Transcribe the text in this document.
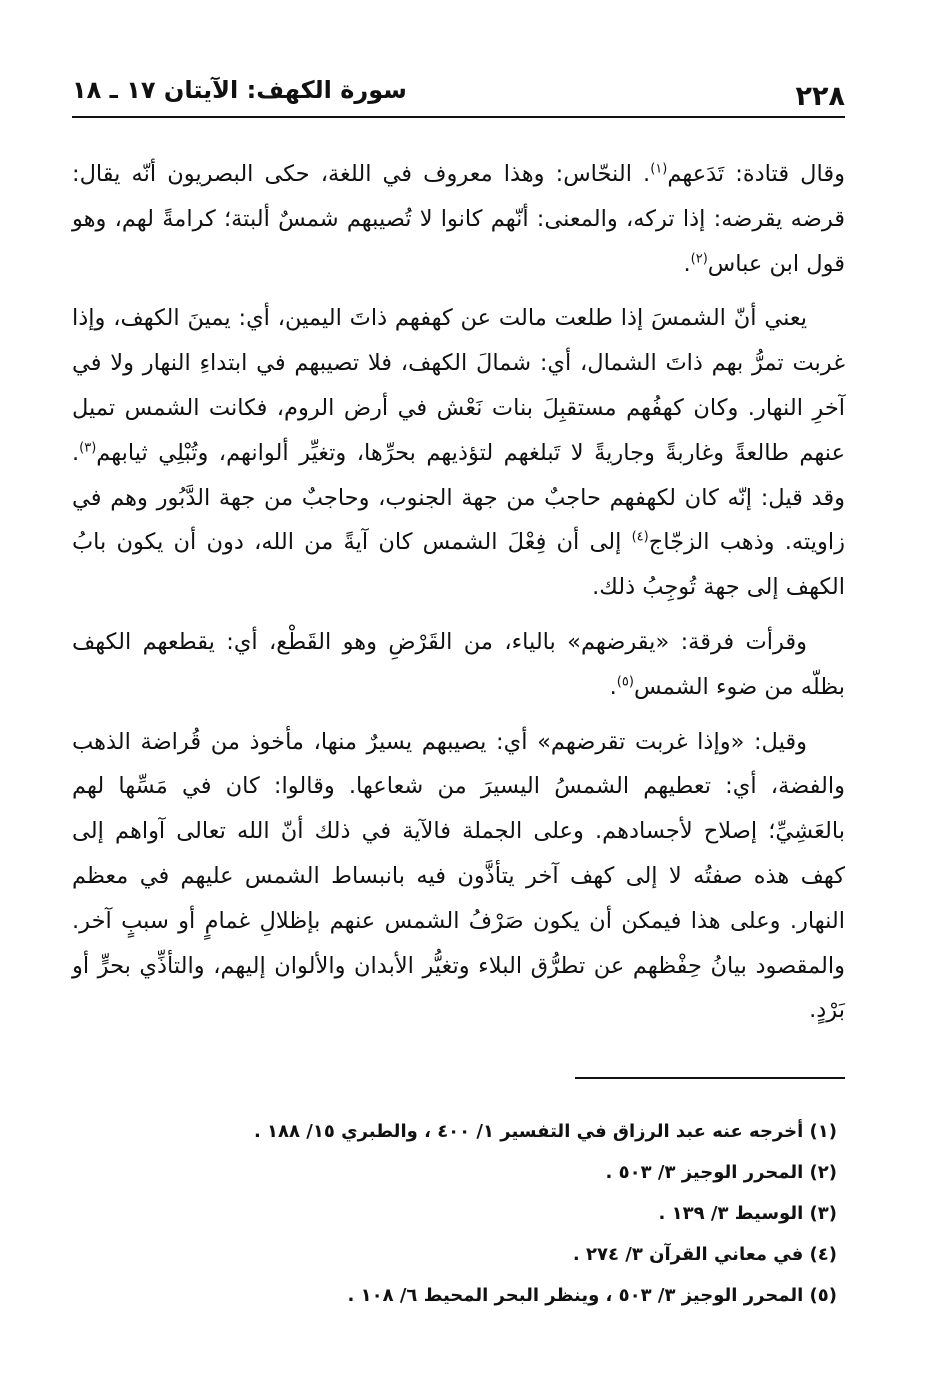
٢٢٨
سورة الكهف: الآيتان ١٧ ـ ١٨

وقال قتادة: تَدَعهم$^{(١)}$. النحّاس: وهذا معروف في اللغة، حكى البصريون أنّه يقال: قرضه يقرضه: إذا تركه، والمعنى: أنّهم كانوا لا تُصيبهم شمسٌ ألبتة؛ كرامةً لهم، وهو قول ابن عباس$^{(٢)}$.

يعني أنّ الشمسَ إذا طلعت مالت عن كهفهم ذاتَ اليمين، أي: يمينَ الكهف، وإذا غربت تمرُّ بهم ذاتَ الشمال، أي: شمالَ الكهف، فلا تصيبهم في ابتداءِ النهار ولا في آخرِ النهار. وكان كهفُهم مستقبِلَ بنات نَعْش في أرض الروم، فكانت الشمس تميل عنهم طالعةً وغاربةً وجاريةً لا تَبلغهم لتؤذيهم بحرِّها، وتغيِّر ألوانهم، وتُبْلِي ثيابهم$^{(٣)}$. وقد قيل: إنّه كان لكهفهم حاجبٌ من جهة الجنوب، وحاجبٌ من جهة الدَّبُور وهم في زاويته. وذهب الزجّاج$^{(٤)}$ إلى أن فِعْلَ الشمس كان آيةً من الله، دون أن يكون بابُ الكهف إلى جهة تُوجِبُ ذلك.

وقرأت فرقة: «يقرضهم» بالياء، من القَرْضِ وهو القَطْع، أي: يقطعهم الكهف بظلّه من ضوء الشمس$^{(٥)}$.

وقيل: «وإذا غربت تقرضهم» أي: يصيبهم يسيرٌ منها، مأخوذ من قُراضة الذهب والفضة، أي: تعطيهم الشمسُ اليسيرَ من شعاعها. وقالوا: كان في مَسِّها لهم بالعَشِيِّ؛ إصلاح لأجسادهم. وعلى الجملة فالآية في ذلك أنّ الله تعالى آواهم إلى كهف هذه صفتُه لا إلى كهف آخر يتأذَّون فيه بانبساط الشمس عليهم في معظم النهار. وعلى هذا فيمكن أن يكون صَرْفُ الشمس عنهم بإظلالِ غمامٍ أو سببٍ آخر. والمقصود بيانُ حِفْظهم عن تطرُّق البلاء وتغيُّر الأبدان والألوان إليهم، والتأذِّي بحرٍّ أو بَرْدٍ.

(١) أخرجه عنه عبد الرزاق في التفسير ١/ ٤٠٠ ، والطبري ١٥/ ١٨٨ .
(٢) المحرر الوجيز ٣/ ٥٠٣ .
(٣) الوسيط ٣/ ١٣٩ .
(٤) في معاني القرآن ٣/ ٢٧٤ .
(٥) المحرر الوجيز ٣/ ٥٠٣ ، وينظر البحر المحيط ٦/ ١٠٨ .
